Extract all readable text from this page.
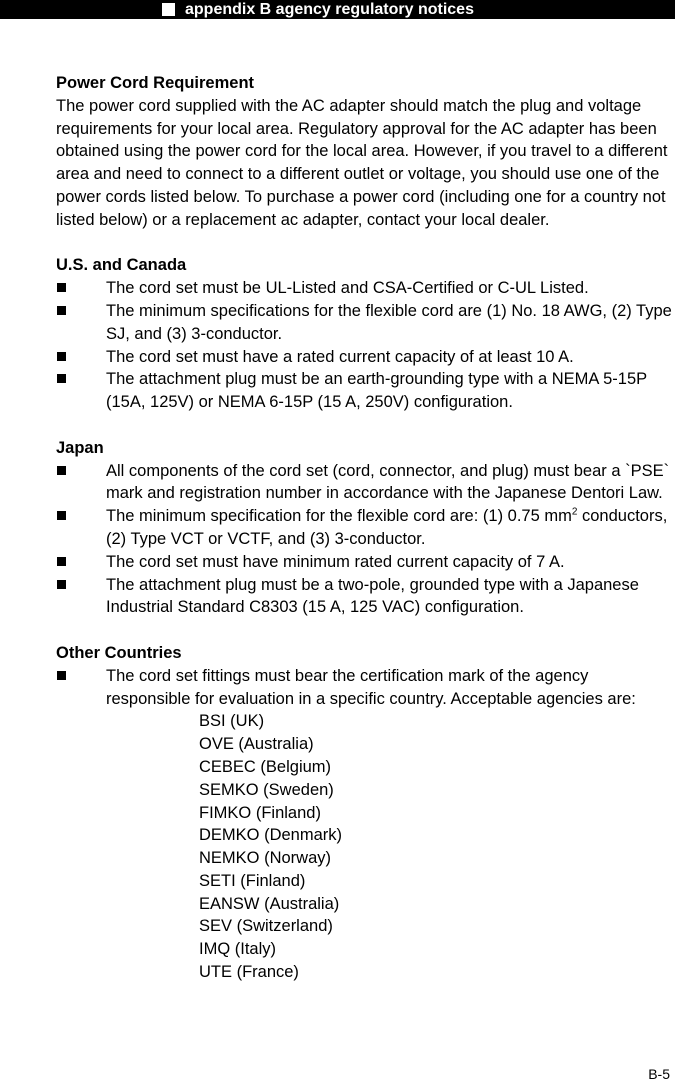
appendix B agency regulatory notices

Power Cord Requirement

The power cord supplied with the AC adapter should match the plug and voltage requirements for your local area. Regulatory approval for the AC adapter has been obtained using the power cord for the local area. However, if you travel to a different area and need to connect to a different outlet or voltage, you should use one of the power cords listed below. To purchase a power cord (including one for a country not listed below) or a replacement ac adapter, contact your local dealer.

U.S. and Canada

The cord set must be UL-Listed and CSA-Certified or C-UL Listed.
The minimum specifications for the flexible cord are (1) No. 18 AWG, (2) Type SJ, and (3) 3-conductor.
The cord set must have a rated current capacity of at least 10 A.
The attachment plug must be an earth-grounding type with a NEMA 5-15P (15A, 125V) or NEMA 6-15P (15 A, 250V) configuration.

Japan

All components of the cord set (cord, connector, and plug) must bear a `PSE` mark and registration number in accordance with the Japanese Dentori Law.
The minimum specification for the flexible cord are: (1) 0.75 $mm^2$ conductors, (2) Type VCT or VCTF, and (3) 3-conductor.
The cord set must have minimum rated current capacity of 7 A.
The attachment plug must be a two-pole, grounded type with a Japanese Industrial Standard C8303 (15 A, 125 VAC) configuration.

Other Countries

The cord set fittings must bear the certification mark of the agency responsible for evaluation in a specific country. Acceptable agencies are:
BSI (UK)
OVE (Australia)
CEBEC (Belgium)
SEMKO (Sweden)
FIMKO (Finland)
DEMKO (Denmark)
NEMKO (Norway)
SETI (Finland)
EANSW (Australia)
SEV (Switzerland)
IMQ (Italy)
UTE (France)
B-5
